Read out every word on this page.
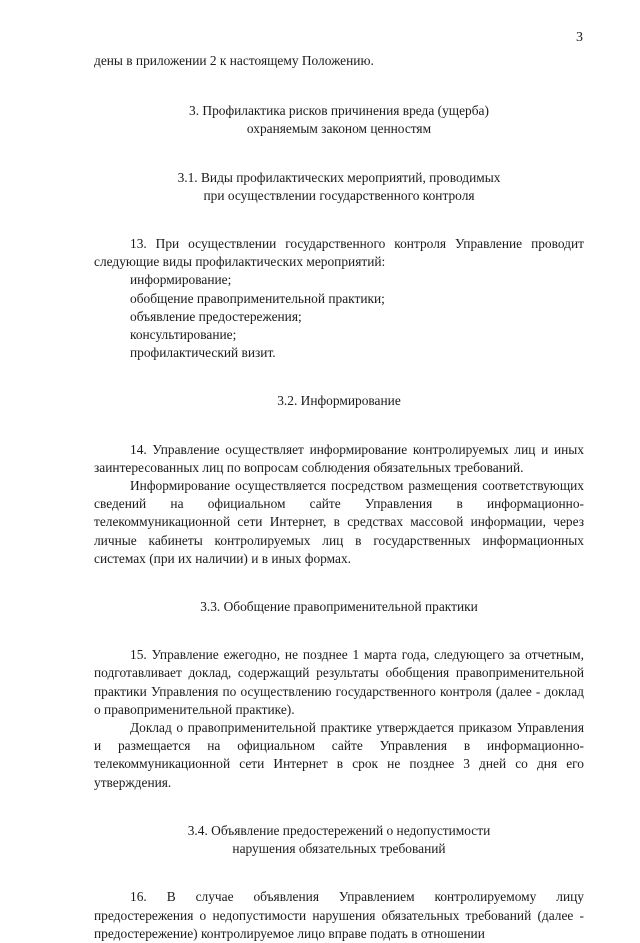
3

дены в приложении 2 к настоящему Положению.

3. Профилактика рисков причинения вреда (ущерба)

охраняемым законом ценностям

3.1. Виды профилактических мероприятий, проводимых

при осуществлении государственного контроля

13. При осуществлении государственного контроля Управление проводит следующие виды профилактических мероприятий:

информирование;
обобщение правоприменительной практики;
объявление предостережения;
консультирование;
профилактический визит.

3.2. Информирование

14. Управление осуществляет информирование контролируемых лиц и иных заинтересованных лиц по вопросам соблюдения обязательных требований.

Информирование осуществляется посредством размещения соответствующих сведений на официальном сайте Управления в информационно-телекоммуникационной сети Интернет, в средствах массовой информации, через личные кабинеты контролируемых лиц в государственных информационных системах (при их наличии) и в иных формах.

3.3. Обобщение правоприменительной практики

15. Управление ежегодно, не позднее 1 марта года, следующего за отчетным, подготавливает доклад, содержащий результаты обобщения правоприменительной практики Управления по осуществлению государственного контроля (далее - доклад о правоприменительной практике).

Доклад о правоприменительной практике утверждается приказом Управления и размещается на официальном сайте Управления в информационно-телекоммуникационной сети Интернет в срок не позднее 3 дней со дня его утверждения.

3.4. Объявление предостережений о недопустимости

нарушения обязательных требований

16. В случае объявления Управлением контролируемому лицу предостережения о недопустимости нарушения обязательных требований (далее - предостережение) контролируемое лицо вправе подать в отношении
